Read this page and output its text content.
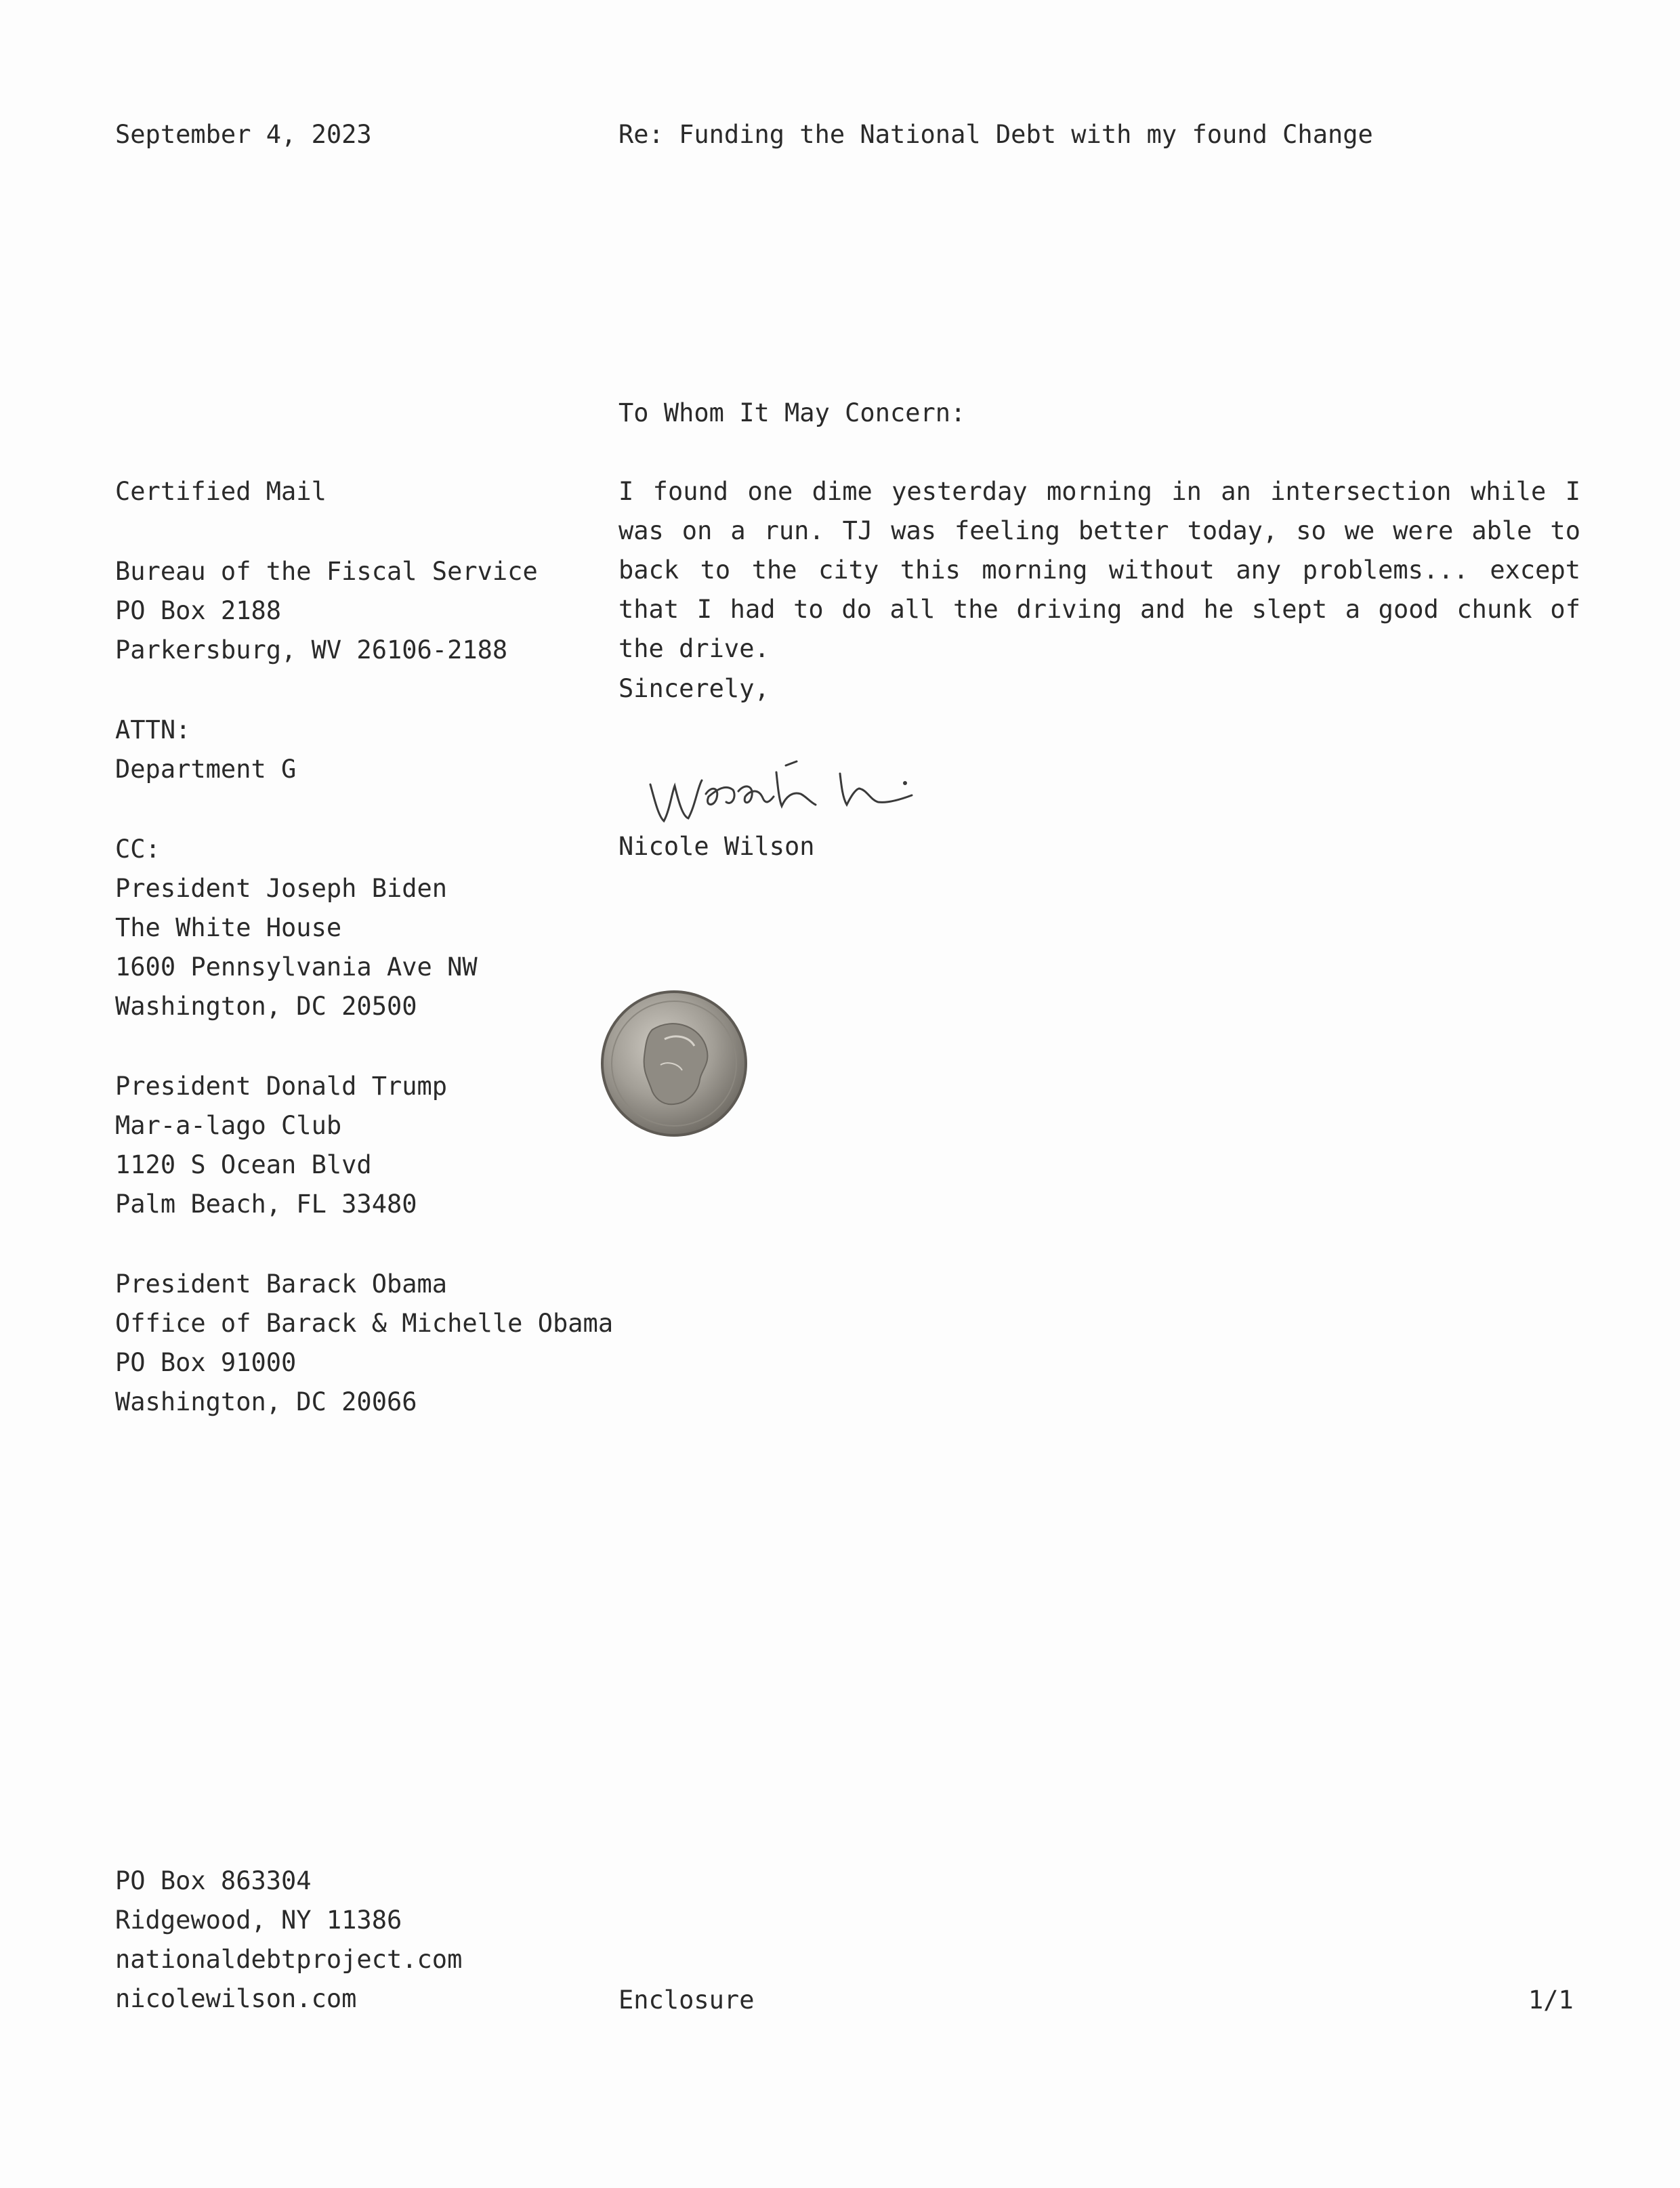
September 4, 2023	Re: Funding the National Debt with my found Change
To Whom It May Concern:
I found one dime yesterday morning in an intersection while I was on a run. TJ was feeling better today, so we were able to back to the city this morning without any problems... except that I had to do all the driving and he slept a good chunk of the drive.
Sincerely,
Nicole Wilson
Certified Mail
Bureau of the Fiscal Service
PO Box 2188
Parkersburg, WV 26106-2188
ATTN:
Department G
CC:
President Joseph Biden
The White House
1600 Pennsylvania Ave NW
Washington, DC 20500
President Donald Trump
Mar-a-lago Club
1120 S Ocean Blvd
Palm Beach, FL 33480
President Barack Obama
Office of Barack & Michelle Obama
PO Box 91000
Washington, DC 20066
PO Box 863304
Ridgewood, NY 11386
nationaldebtproject.com
nicolewilson.com	Enclosure	1/1
